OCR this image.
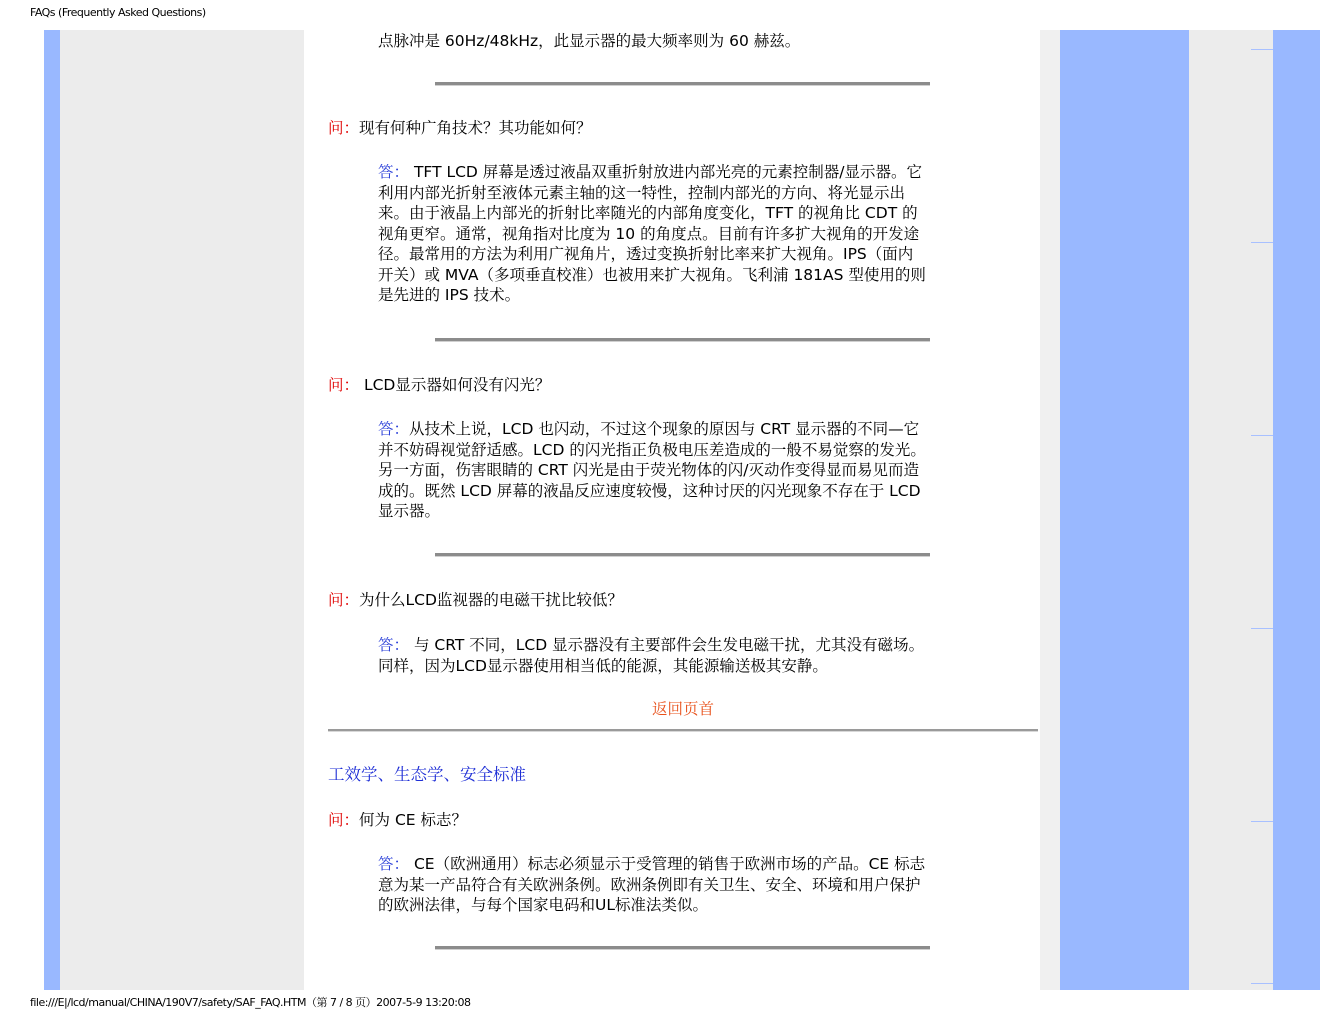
FAQs (Frequently Asked Questions)
点脉冲是 60Hz/48kHz，此显示器的最大频率则为 60 赫兹。
问：现有何种广角技术？其功能如何？
答： TFT LCD 屏幕是透过液晶双重折射放进内部光亮的元素控制器/显示器。它
利用内部光折射至液体元素主轴的这一特性，控制内部光的方向、将光显示出
来。由于液晶上内部光的折射比率随光的内部角度变化，TFT 的视角比 CDT 的
视角更窄。通常，视角指对比度为 10 的角度点。目前有许多扩大视角的开发途
径。最常用的方法为利用广视角片，透过变换折射比率来扩大视角。IPS（面内
开关）或 MVA（多项垂直校准）也被用来扩大视角。飞利浦 181AS 型使用的则
是先进的 IPS 技术。
问： LCD显示器如何没有闪光？
答：从技术上说，LCD 也闪动，不过这个现象的原因与 CRT 显示器的不同—它
并不妨碍视觉舒适感。LCD 的闪光指正负极电压差造成的一般不易觉察的发光。
另一方面，伤害眼睛的 CRT 闪光是由于荧光物体的闪/灭动作变得显而易见而造
成的。既然 LCD 屏幕的液晶反应速度较慢，这种讨厌的闪光现象不存在于 LCD
显示器。
问：为什么LCD监视器的电磁干扰比较低？
答： 与 CRT 不同，LCD 显示器没有主要部件会生发电磁干扰，尤其没有磁场。
同样，因为LCD显示器使用相当低的能源，其能源输送极其安静。
返回页首
工效学、生态学、安全标准
问：何为 CE 标志？
答： CE（欧洲通用）标志必须显示于受管理的销售于欧洲市场的产品。CE 标志
意为某一产品符合有关欧洲条例。欧洲条例即有关卫生、安全、环境和用户保护
的欧洲法律，与每个国家电码和UL标准法类似。
file:///E|/lcd/manual/CHINA/190V7/safety/SAF_FAQ.HTM（第 7 / 8 页）2007-5-9 13:20:08
